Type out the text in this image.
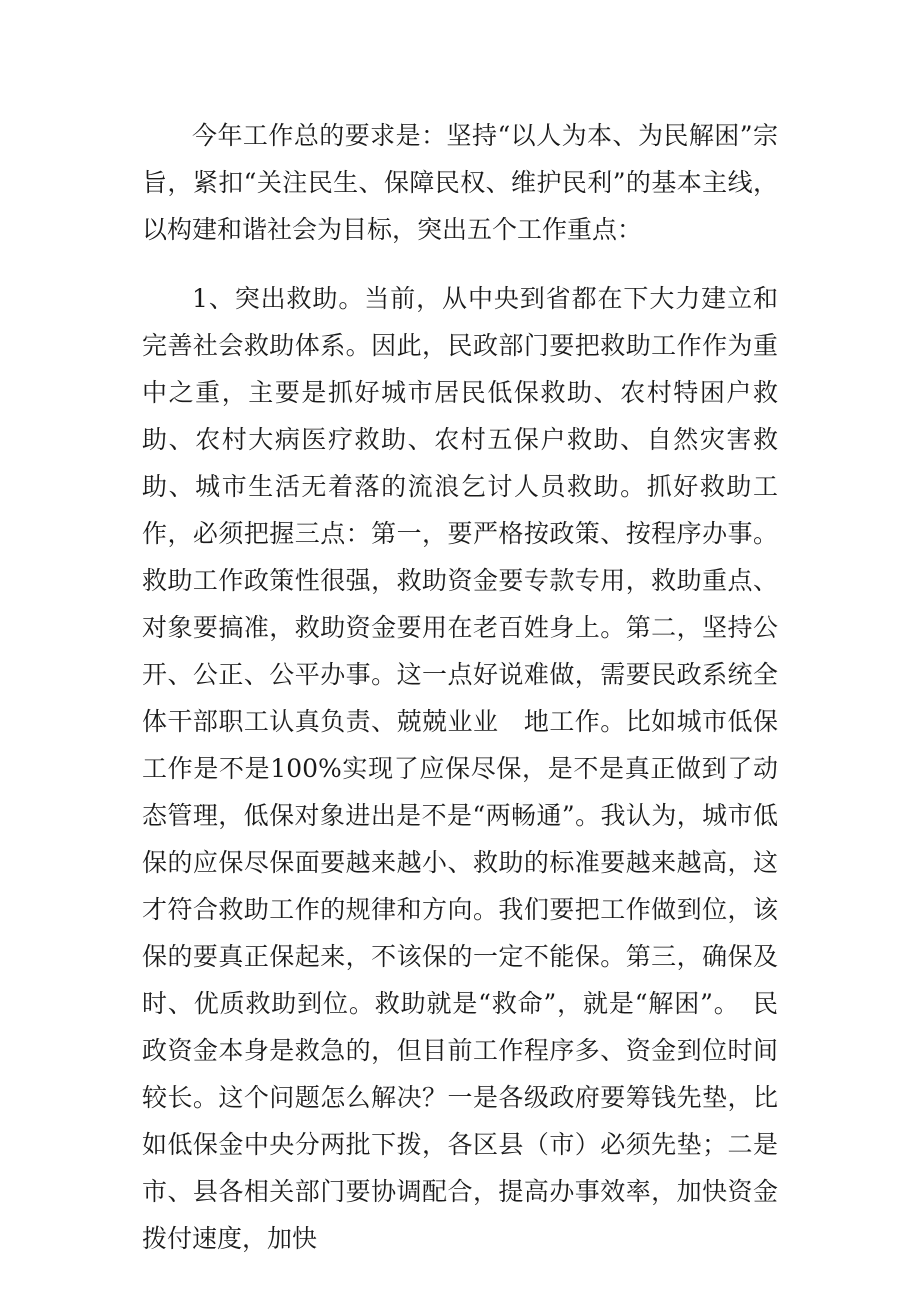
今年工作总的要求是：坚持“以人为本、为民解困”宗旨，紧扣“关注民生、保障民权、维护民利”的基本主线，以构建和谐社会为目标，突出五个工作重点：

1、突出救助。当前，从中央到省都在下大力建立和完善社会救助体系。因此，民政部门要把救助工作作为重中之重，主要是抓好城市居民低保救助、农村特困户救助、农村大病医疗救助、农村五保户救助、自然灾害救助、城市生活无着落的流浪乞讨人员救助。抓好救助工作，必须把握三点：第一，要严格按政策、按程序办事。救助工作政策性很强，救助资金要专款专用，救助重点、对象要搞准，救助资金要用在老百姓身上。第二，坚持公开、公正、公平办事。这一点好说难做，需要民政系统全体干部职工认真负责、兢兢业业　地工作。比如城市低保工作是不是100%实现了应保尽保，是不是真正做到了动态管理，低保对象进出是不是“两畅通”。我认为，城市低保的应保尽保面要越来越小、救助的标准要越来越高，这才符合救助工作的规律和方向。我们要把工作做到位，该保的要真正保起来，不该保的一定不能保。第三，确保及时、优质救助到位。救助就是“救命”，就是“解困”。　民政资金本身是救急的，但目前工作程序多、资金到位时间较长。这个问题怎么解决？一是各级政府要筹钱先垫，比如低保金中央分两批下拨，各区县（市）必须先垫；二是市、县各相关部门要协调配合，提高办事效率，加快资金拨付速度，加快
